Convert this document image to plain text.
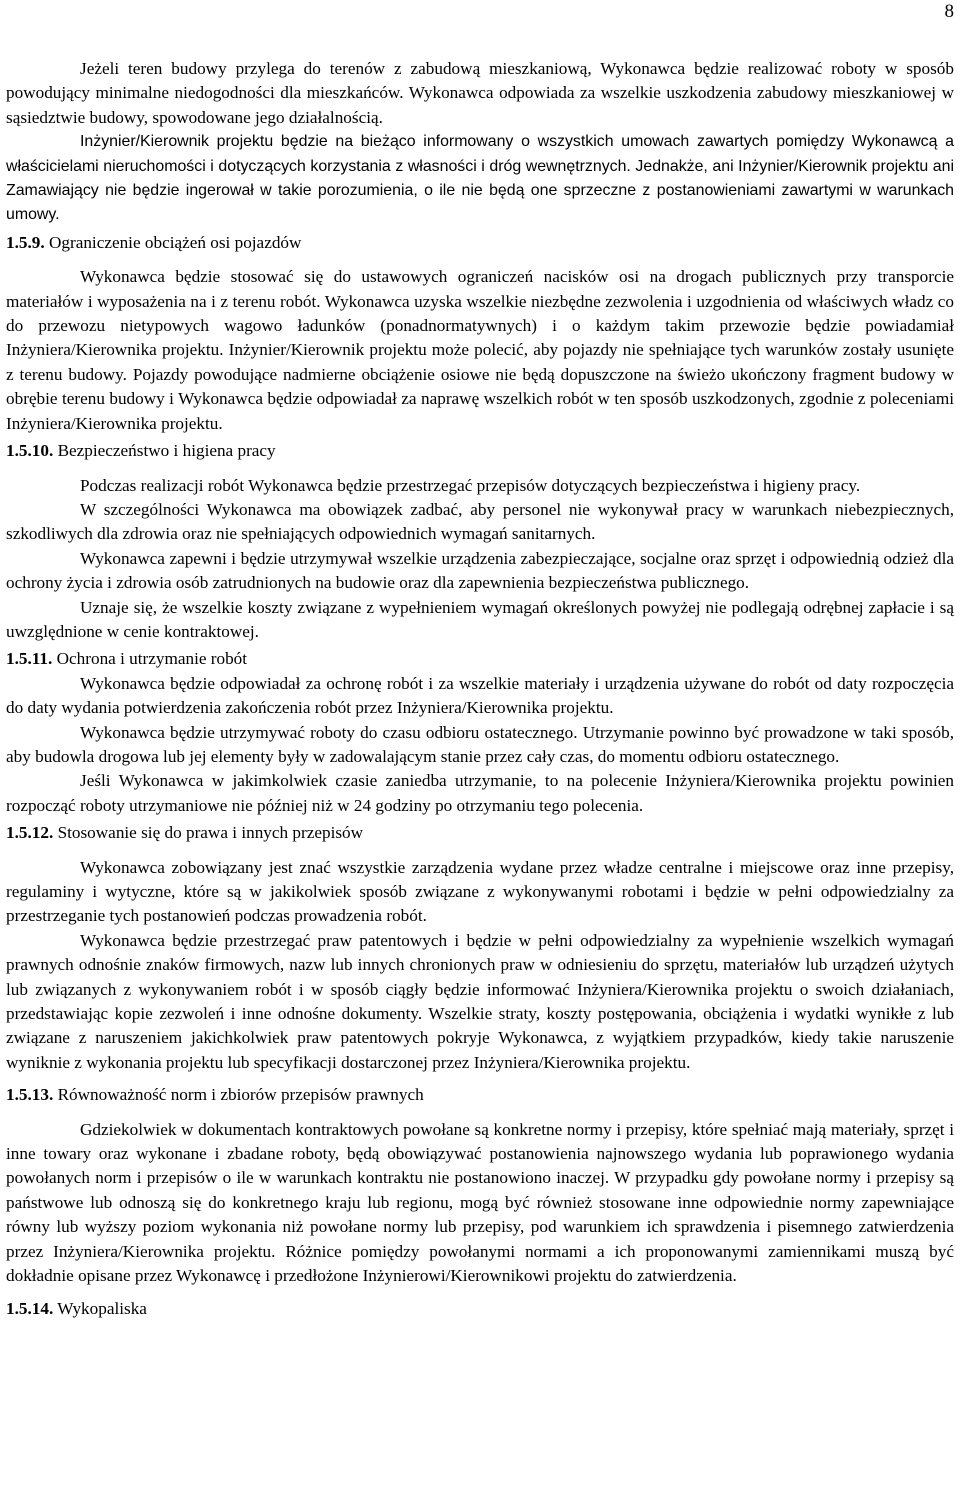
8

Jeżeli teren budowy przylega do terenów z zabudową mieszkaniową, Wykonawca będzie realizować roboty w sposób powodujący minimalne niedogodności dla mieszkańców. Wykonawca odpowiada za wszelkie uszkodzenia zabudowy mieszkaniowej w sąsiedztwie budowy, spowodowane jego działalnością.

Inżynier/Kierownik projektu będzie na bieżąco informowany o wszystkich umowach zawartych pomiędzy Wykonawcą a właścicielami nieruchomości i dotyczących korzystania z własności i dróg wewnętrznych. Jednakże, ani Inżynier/Kierownik projektu ani Zamawiający nie będzie ingerował w takie porozumienia, o ile nie będą one sprzeczne z postanowieniami zawartymi w warunkach umowy.

1.5.9. Ograniczenie obciążeń osi pojazdów

Wykonawca będzie stosować się do ustawowych ograniczeń nacisków osi na drogach publicznych przy transporcie materiałów i wyposażenia na i z terenu robót. Wykonawca uzyska wszelkie niezbędne zezwolenia i uzgodnienia od właściwych władz co do przewozu nietypowych wagowo ładunków (ponadnormatywnych) i o każdym takim przewozie będzie powiadamiał Inżyniera/Kierownika projektu. Inżynier/Kierownik projektu może polecić, aby pojazdy nie spełniające tych warunków zostały usunięte z terenu budowy. Pojazdy powodujące nadmierne obciążenie osiowe nie będą dopuszczone na świeżo ukończony fragment budowy w obrębie terenu budowy i Wykonawca będzie odpowiadał za naprawę wszelkich robót w ten sposób uszkodzonych, zgodnie z poleceniami Inżyniera/Kierownika projektu.

1.5.10. Bezpieczeństwo i higiena pracy

Podczas realizacji robót Wykonawca będzie przestrzegać przepisów dotyczących bezpieczeństwa i higieny pracy.

W szczególności Wykonawca ma obowiązek zadbać, aby personel nie wykonywał pracy w warunkach niebezpiecznych, szkodliwych dla zdrowia oraz nie spełniających odpowiednich wymagań sanitarnych.

Wykonawca zapewni i będzie utrzymywał wszelkie urządzenia zabezpieczające, socjalne oraz sprzęt i odpowiednią odzież dla ochrony życia i zdrowia osób zatrudnionych na budowie oraz dla zapewnienia bezpieczeństwa publicznego.

Uznaje się, że wszelkie koszty związane z wypełnieniem wymagań określonych powyżej nie podlegają odrębnej zapłacie i są uwzględnione w cenie kontraktowej.

1.5.11. Ochrona i utrzymanie robót

Wykonawca będzie odpowiadał za ochronę robót i za wszelkie materiały i urządzenia używane do robót od daty rozpoczęcia do daty wydania potwierdzenia zakończenia robót przez Inżyniera/Kierownika projektu.

Wykonawca będzie utrzymywać roboty do czasu odbioru ostatecznego. Utrzymanie powinno być prowadzone w taki sposób, aby budowla drogowa lub jej elementy były w zadowalającym stanie przez cały czas, do momentu odbioru ostatecznego.

Jeśli Wykonawca w jakimkolwiek czasie zaniedba utrzymanie, to na polecenie Inżyniera/Kierownika projektu powinien rozpocząć roboty utrzymaniowe nie później niż w 24 godziny po otrzymaniu tego polecenia.

1.5.12. Stosowanie się do prawa i innych przepisów

Wykonawca zobowiązany jest znać wszystkie zarządzenia wydane przez władze centralne i miejscowe oraz inne przepisy, regulaminy i wytyczne, które są w jakikolwiek sposób związane z wykonywanymi robotami i będzie w pełni odpowiedzialny za przestrzeganie tych postanowień podczas prowadzenia robót.

Wykonawca będzie przestrzegać praw patentowych i będzie w pełni odpowiedzialny za wypełnienie wszelkich wymagań prawnych odnośnie znaków firmowych, nazw lub innych chronionych praw w odniesieniu do sprzętu, materiałów lub urządzeń użytych lub związanych z wykonywaniem robót i w sposób ciągły będzie informować Inżyniera/Kierownika projektu o swoich działaniach, przedstawiając kopie zezwoleń i inne odnośne dokumenty. Wszelkie straty, koszty postępowania, obciążenia i wydatki wynikłe z lub związane z naruszeniem jakichkolwiek praw patentowych pokryje Wykonawca, z wyjątkiem przypadków, kiedy takie naruszenie wyniknie z wykonania projektu lub specyfikacji dostarczonej przez Inżyniera/Kierownika projektu.

1.5.13. Równoważność norm i zbiorów przepisów prawnych

Gdziekolwiek w dokumentach kontraktowych powołane są konkretne normy i przepisy, które spełniać mają materiały, sprzęt i inne towary oraz wykonane i zbadane roboty, będą obowiązywać postanowienia najnowszego wydania lub poprawionego wydania powołanych norm i przepisów o ile w warunkach kontraktu nie postanowiono inaczej. W przypadku gdy powołane normy i przepisy są państwowe lub odnoszą się do konkretnego kraju lub regionu, mogą być również stosowane inne odpowiednie normy zapewniające równy lub wyższy poziom wykonania niż powołane normy lub przepisy, pod warunkiem ich sprawdzenia i pisemnego zatwierdzenia przez Inżyniera/Kierownika projektu. Różnice pomiędzy powołanymi normami a ich proponowanymi zamiennikami muszą być dokładnie opisane przez Wykonawcę i przedłożone Inżynierowi/Kierownikowi projektu do zatwierdzenia.

1.5.14. Wykopaliska
